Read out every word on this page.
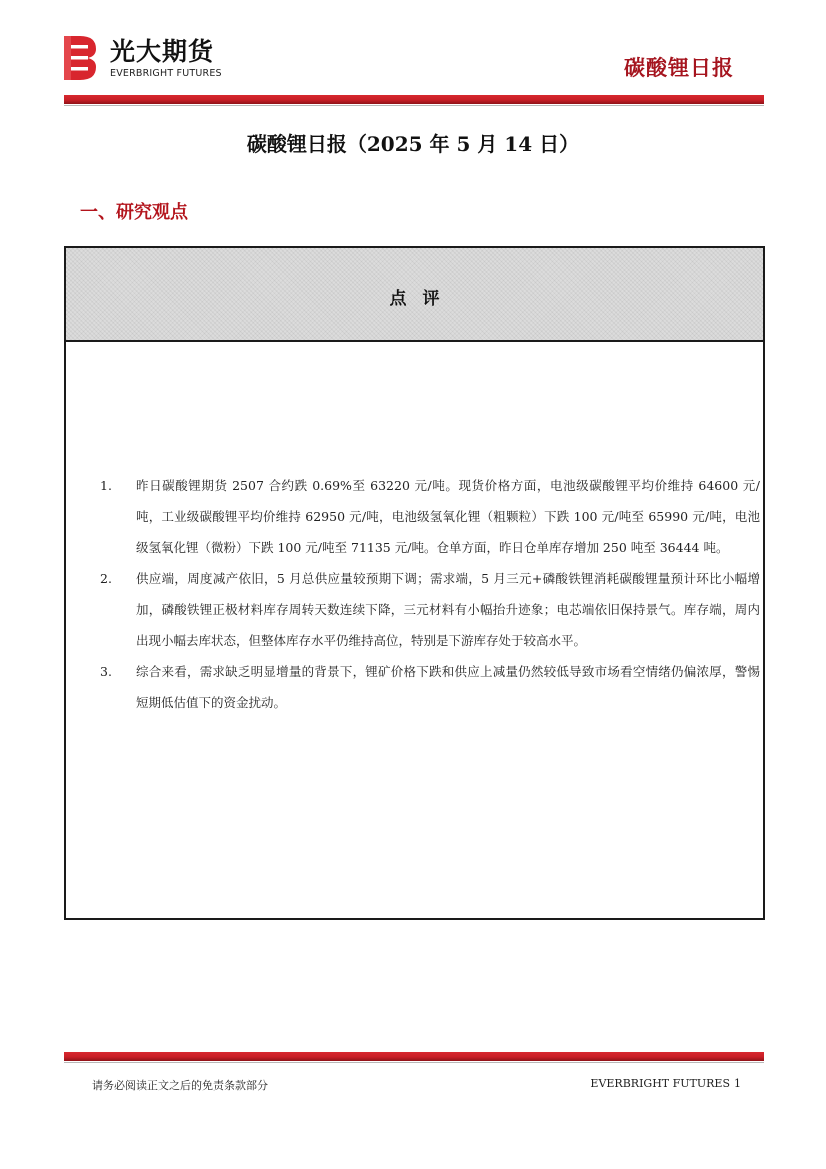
光大期货
EVERBRIGHT FUTURES	碳酸锂日报
碳酸锂日报（2025 年 5 月 14 日）
一、研究观点
点评
1. 昨日碳酸锂期货 2507 合约跌 0.69%至 63220 元/吨。现货价格方面，电池级碳酸锂平均价维持 64600 元/吨，工业级碳酸锂平均价维持 62950 元/吨，电池级氢氧化锂（粗颗粒）下跌 100 元/吨至 65990 元/吨，电池级氢氧化锂（微粉）下跌 100 元/吨至 71135 元/吨。仓单方面，昨日仓单库存增加 250 吨至 36444 吨。
2. 供应端，周度减产依旧，5 月总供应量较预期下调；需求端，5 月三元+磷酸铁锂消耗碳酸锂量预计环比小幅增加，磷酸铁锂正极材料库存周转天数连续下降，三元材料有小幅抬升迹象；电芯端依旧保持景气。库存端，周内出现小幅去库状态，但整体库存水平仍维持高位，特别是下游库存处于较高水平。
3. 综合来看，需求缺乏明显增量的背景下，锂矿价格下跌和供应上减量仍然较低导致市场看空情绪仍偏浓厚，警惕短期低估值下的资金扰动。
请务必阅读正文之后的免责条款部分	EVERBRIGHT FUTURES 1
